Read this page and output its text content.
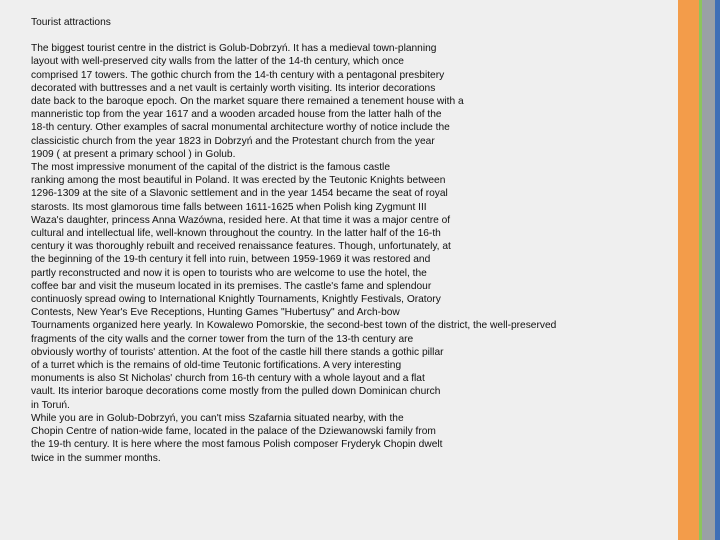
Tourist attractions
The biggest tourist centre in the district is Golub-Dobrzyń. It has a medieval town-planning
layout with well-preserved city walls from the latter of the 14-th century, which once
comprised 17 towers. The gothic church from the 14-th century with a pentagonal presbitery
decorated with buttresses and a net vault is certainly worth visiting. Its interior decorations
date back to the baroque epoch. On the market square there remained a tenement house with a
manneristic top from the year 1617 and a wooden arcaded house from the latter halh of the
18-th century. Other examples of sacral monumental architecture worthy of notice include the
classicistic church from the year 1823 in Dobrzyń and the Protestant church from the year
1909 ( at present a primary school ) in Golub.
The most impressive monument of the capital of the district is the famous castle
ranking among the most beautiful in Poland. It was erected by the Teutonic Knights between
1296-1309 at the site of a Slavonic settlement and in the year 1454 became the seat of royal
starosts. Its most glamorous time falls between 1611-1625 when Polish king Zygmunt III
Waza's daughter, princess Anna Wazówna, resided here. At that time it was a major centre of
cultural and intellectual life, well-known throughout the country. In the latter half of the 16-th
century it was thoroughly rebuilt and received renaissance features. Though, unfortunately, at
the beginning of the 19-th century it fell into ruin, between 1959-1969 it was restored and
partly reconstructed and now it is open to tourists who are welcome to use the hotel, the
coffee bar and visit the museum located in its premises. The castle's fame and splendour
continuosly spread owing to International Knightly Tournaments, Knightly Festivals, Oratory
Contests, New Year's Eve Receptions, Hunting Games "Hubertusy" and Arch-bow
Tournaments organized here yearly. In Kowalewo Pomorskie, the second-best town of the district, the well-preserved
fragments of the city walls and the corner tower from the turn of the 13-th century are
obviously worthy of tourists' attention. At the foot of the castle hill there stands a gothic pillar
of a turret which is the remains of old-time Teutonic fortifications. A very interesting
monuments is also St Nicholas' church from 16-th century with a whole layout and a flat
vault. Its interior baroque decorations come mostly from the pulled down Dominican church
in Toruń.
While you are in Golub-Dobrzyń, you can't miss Szafarnia situated nearby, with the
Chopin Centre of nation-wide fame, located in the palace of the Dziewanowski family from
the 19-th century. It is here where the most famous Polish composer Fryderyk Chopin dwelt
twice in the summer months.
